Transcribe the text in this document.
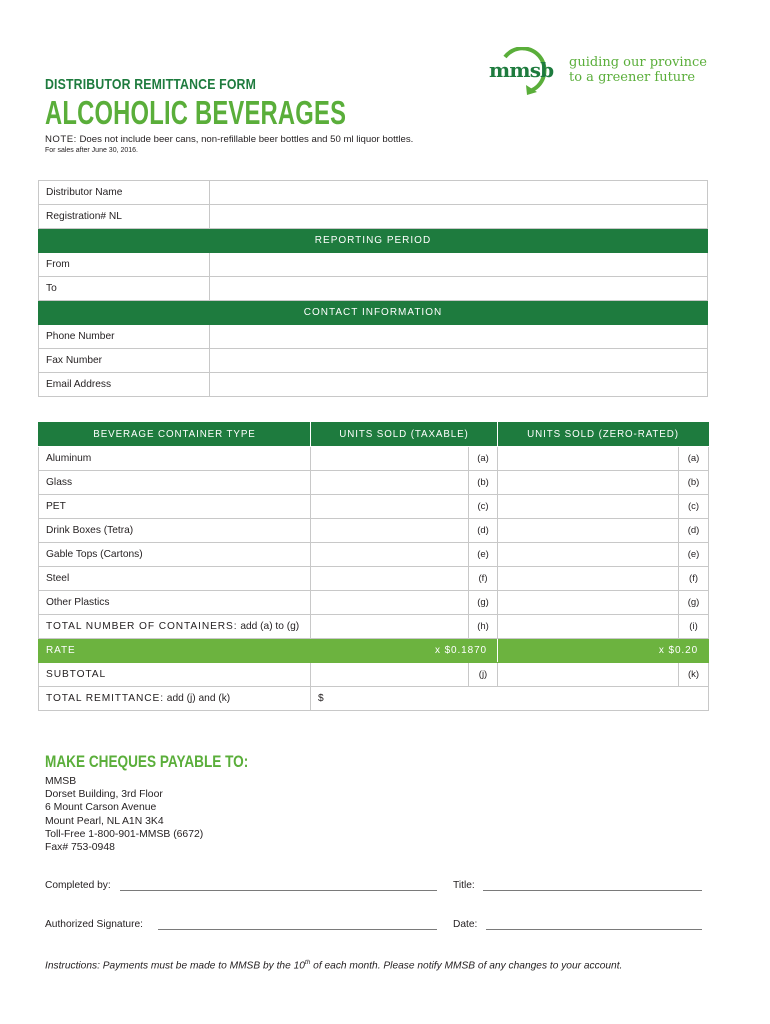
DISTRIBUTOR REMITTANCE FORM
ALCOHOLIC BEVERAGES
NOTE: Does not include beer cans, non-refillable beer bottles and 50 ml liquor bottles.
For sales after June 30, 2016.
mmsb guiding our province
to a greener future
Distributor Name	
Registration# NL	
REPORTING PERIOD	
From	
To	
CONTACT INFORMATION	
Phone Number	
Fax Number	
Email Address	
BEVERAGE CONTAINER TYPE	UNITS SOLD (TAXABLE)		UNITS SOLD (ZERO-RATED)	
Aluminum		(a)		(a)
Glass		(b)		(b)
PET		(c)		(c)
Drink Boxes (Tetra)		(d)		(d)
Gable Tops (Cartons)		(e)		(e)
Steel		(f)		(f)
Other Plastics		(g)		(g)
TOTAL NUMBER OF CONTAINERS: add (a) to (g)		(h)		(i)
RATE	x $0.1870		x $0.20	
SUBTOTAL		(j)		(k)
TOTAL REMITTANCE: add (j) and (k)	$			
MAKE CHEQUES PAYABLE TO:
MMSB
Dorset Building, 3rd Floor
6 Mount Carson Avenue
Mount Pearl, NL A1N 3K4
Toll-Free 1-800-901-MMSB (6672)
Fax# 753-0948
Completed by:	Title:
Authorized Signature:	Date:
Instructions: Payments must be made to MMSB by the 10th of each month. Please notify MMSB of any changes to your account.
